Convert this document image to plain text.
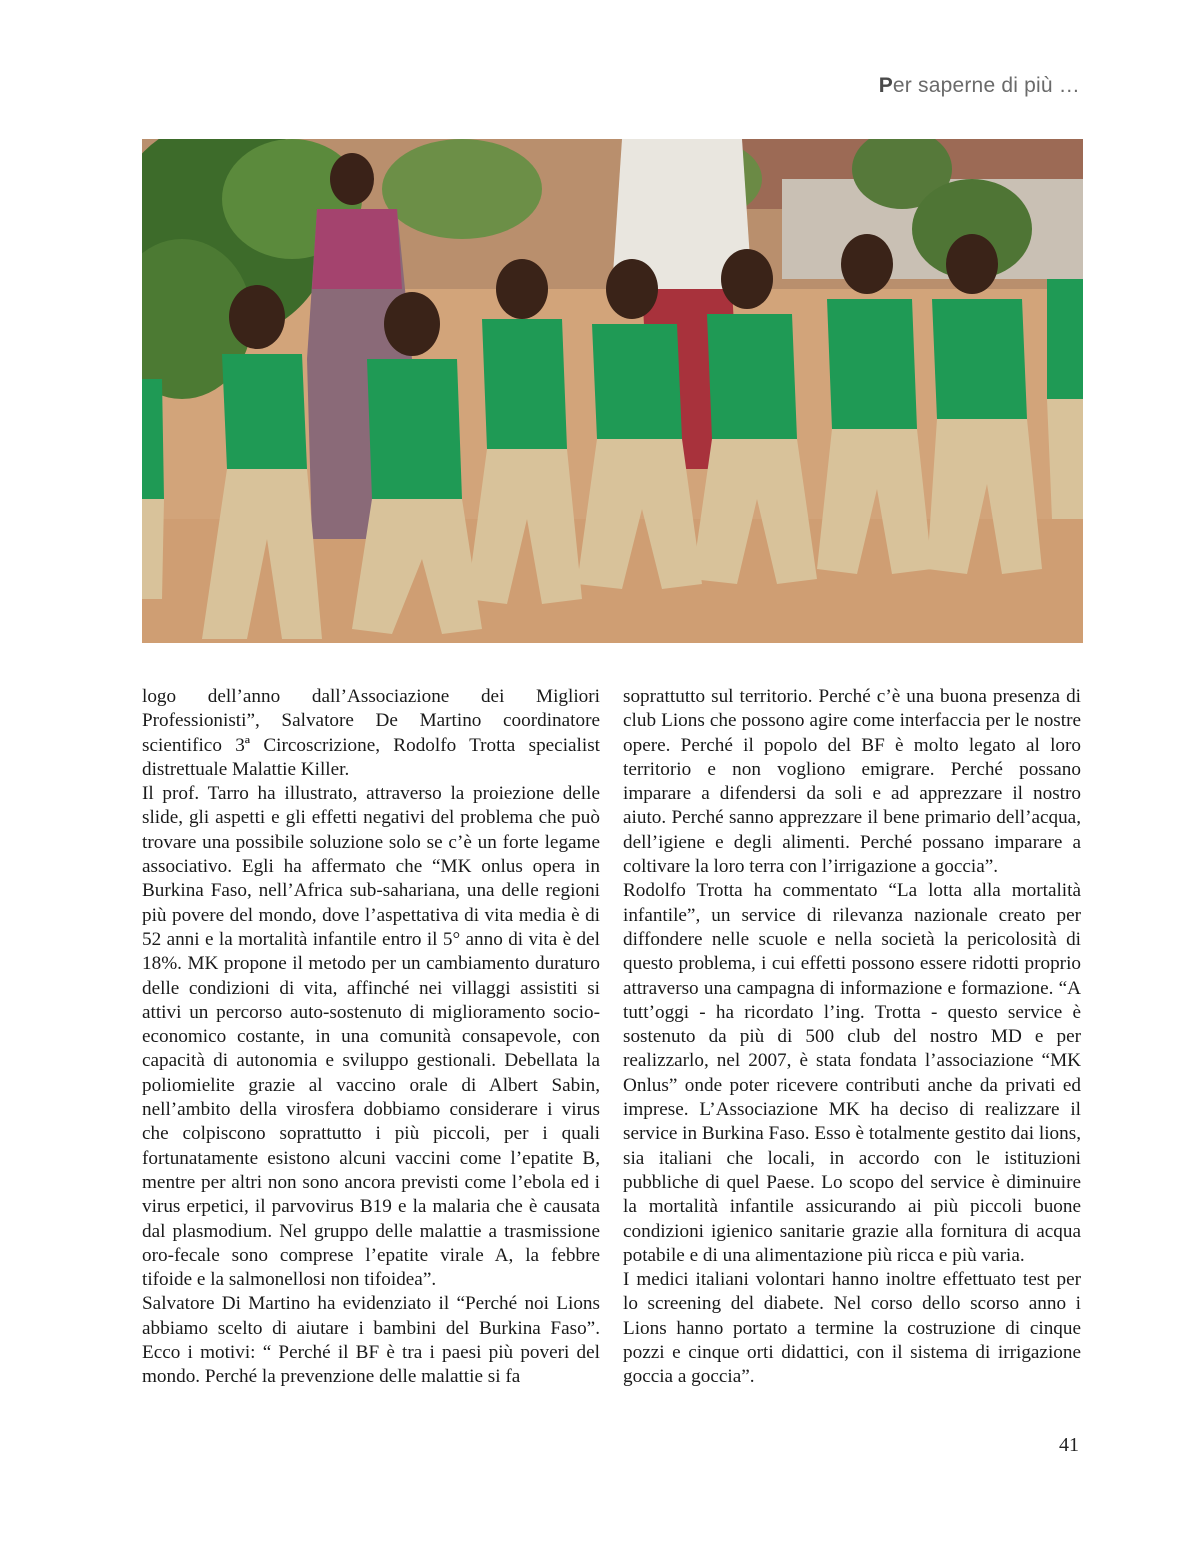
Per saperne di più …

logo dell’anno dall’Associazione dei Migliori Professionisti”, Salvatore De Martino coordinatore scientifico 3ª Circoscrizione, Rodolfo Trotta specialist distrettuale Malattie Killer.

Il prof. Tarro ha illustrato, attraverso la proiezione delle slide, gli aspetti e gli effetti negativi del problema che può trovare una possibile soluzione solo se c’è un forte legame associativo. Egli ha affermato che “MK onlus opera in Burkina Faso, nell’Africa sub-sahariana, una delle regioni più povere del mondo, dove l’aspettativa di vita media è di 52 anni e la mortalità infantile entro il 5° anno di vita è del 18%. MK propone il metodo per un cambiamento duraturo delle condizioni di vita, affinché nei villaggi assistiti si attivi un percorso auto-sostenuto di miglioramento socio-economico costante, in una comunità consapevole, con capacità di autonomia e sviluppo gestionali. Debellata la poliomielite grazie al vaccino orale di Albert Sabin, nell’ambito della virosfera dobbiamo considerare i virus che colpiscono soprattutto i più piccoli, per i quali fortunatamente esistono alcuni vaccini come l’epatite B, mentre per altri non sono ancora previsti come l’ebola ed i virus erpetici, il parvovirus B19 e la malaria che è causata dal plasmodium. Nel gruppo delle malattie a trasmissione oro-fecale sono comprese l’epatite virale A, la febbre tifoide e la salmonellosi non tifoidea”.

Salvatore Di Martino ha evidenziato il “Perché noi Lions abbiamo scelto di aiutare i bambini del Burkina Faso”. Ecco i motivi: “ Perché il BF è tra i paesi più poveri del mondo. Perché la prevenzione delle malattie si fa

soprattutto sul territorio. Perché c’è una buona presenza di club Lions che possono agire come interfaccia per le nostre opere. Perché il popolo del BF è molto legato al loro territorio e non vogliono emigrare. Perché possano imparare a difendersi da soli e ad apprezzare il nostro aiuto. Perché sanno apprezzare il bene primario dell’acqua, dell’igiene e degli alimenti. Perché possano imparare a coltivare la loro terra con l’irrigazione a goccia”.

Rodolfo Trotta ha commentato “La lotta alla mortalità infantile”, un service di rilevanza nazionale creato per diffondere nelle scuole e nella società la pericolosità di questo problema, i cui effetti possono essere ridotti proprio attraverso una campagna di informazione e formazione. “A tutt’oggi - ha ricordato l’ing. Trotta - questo service è sostenuto da più di 500 club del nostro MD e per realizzarlo, nel 2007, è stata fondata l’associazione “MK Onlus” onde poter ricevere contributi anche da privati ed imprese. L’Associazione MK ha deciso di realizzare il service in Burkina Faso. Esso è totalmente gestito dai lions, sia italiani che locali, in accordo con le istituzioni pubbliche di quel Paese. Lo scopo del service è diminuire la mortalità infantile assicurando ai più piccoli buone condizioni igienico sanitarie grazie alla fornitura di acqua potabile e di una alimentazione più ricca e più varia.

I medici italiani volontari hanno inoltre effettuato test per lo screening del diabete. Nel corso dello scorso anno i Lions hanno portato a termine la costruzione di cinque pozzi e cinque orti didattici, con il sistema di irrigazione goccia a goccia”.

41
